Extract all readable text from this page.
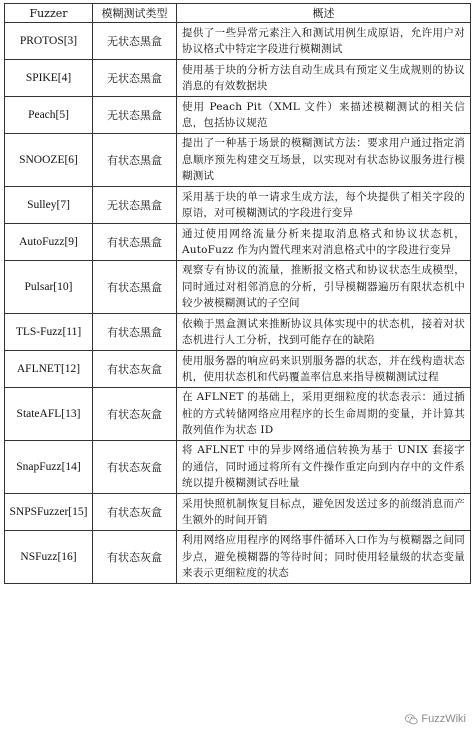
Fuzzer	模糊测试类型	概述
PROTOS[3]	无状态黑盒	提供了一些异常元素注入和测试用例生成原语，允许用户对协议格式中特定字段进行模糊测试
SPIKE[4]	无状态黑盒	使用基于块的分析方法自动生成具有预定义生成规则的协议消息的有效数据块
Peach[5]	无状态黑盒	使用 Peach Pit（XML 文件）来描述模糊测试的相关信息，包括协议规范
SNOOZE[6]	有状态黑盒	提出了一种基于场景的模糊测试方法：要求用户通过指定消息顺序预先构建交互场景，以实现对有状态协议服务进行模糊测试
Sulley[7]	无状态黑盒	采用基于块的单一请求生成方法，每个块提供了相关字段的原语，对可模糊测试的字段进行变异
AutoFuzz[9]	有状态黑盒	通过使用网络流量分析来提取消息格式和协议状态机，AutoFuzz 作为内置代理来对消息格式中的字段进行变异
Pulsar[10]	有状态黑盒	观察专有协议的流量，推断报文格式和协议状态生成模型，同时通过对相邻消息的分析，引导模糊器遍历有限状态机中较少被模糊测试的子空间
TLS-Fuzz[11]	有状态黑盒	依赖于黑盒测试来推断协议具体实现中的状态机，接着对状态机进行人工分析，找到可能存在的缺陷
AFLNET[12]	有状态灰盒	使用服务器的响应码来识别服务器的状态，并在线构造状态机，使用状态机和代码覆盖率信息来指导模糊测试过程
StateAFL[13]	有状态灰盒	在 AFLNET 的基础上，采用更细粒度的状态表示：通过插桩的方式转储网络应用程序的长生命周期的变量，并计算其散列值作为状态 ID
SnapFuzz[14]	有状态灰盒	将 AFLNET 中的异步网络通信转换为基于 UNIX 套接字的通信，同时通过将所有文件操作重定向到内存中的文件系统以提升模糊测试吞吐量
SNPSFuzzer[15]	有状态灰盒	采用快照机制恢复目标点，避免因发送过多的前缀消息而产生额外的时间开销
NSFuzz[16]	有状态灰盒	利用网络应用程序的网络事件循环入口作为与模糊器之间同步点，避免模糊器的等待时间；同时使用轻量级的状态变量来表示更细粒度的状态
FuzzWiki
